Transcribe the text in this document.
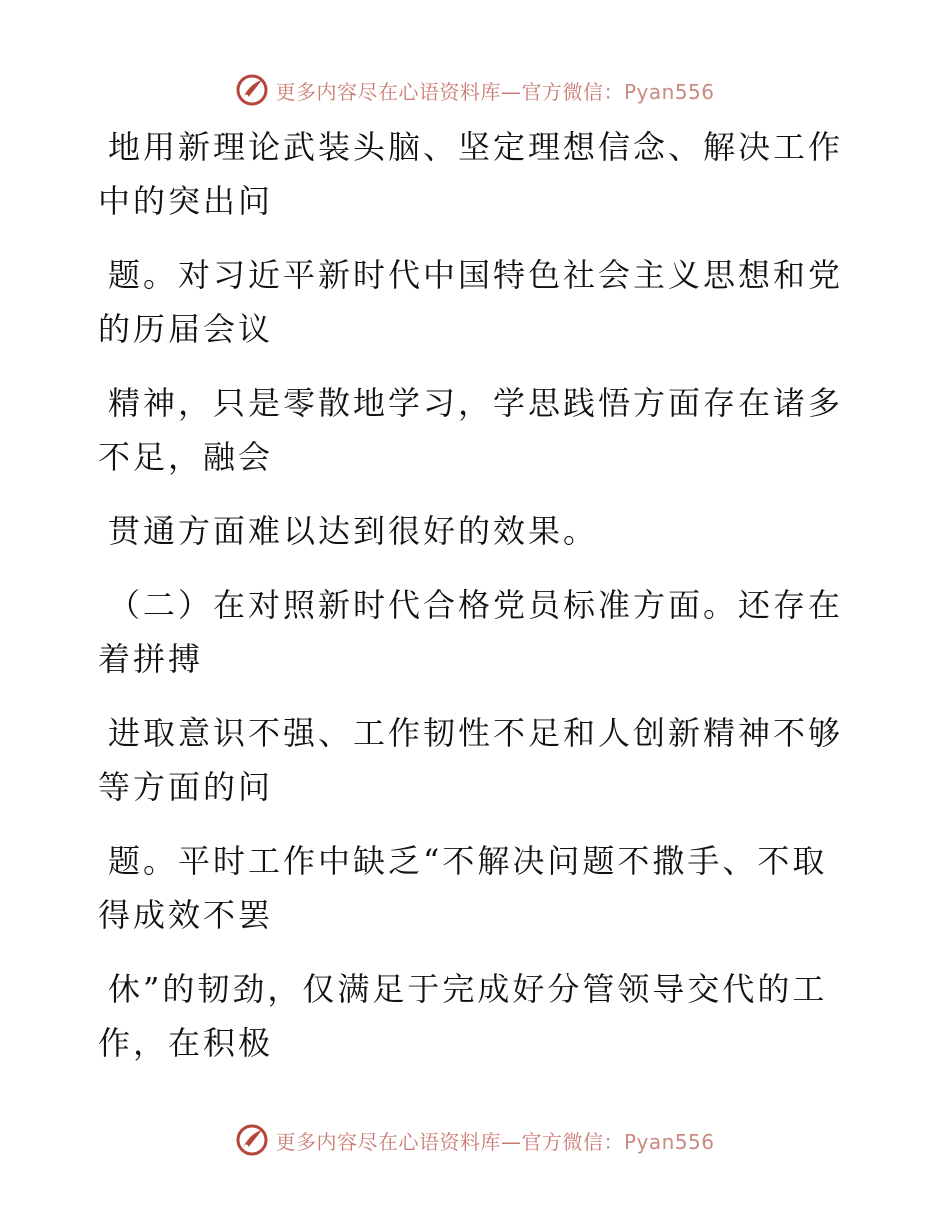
更多内容尽在心语资料库—官方微信：Pyan556

地用新理论武装头脑、坚定理想信念、解决工作
中的突出问

题。对习近平新时代中国特色社会主义思想和党
的历届会议

精神，只是零散地学习，学思践悟方面存在诸多
不足，融会

贯通方面难以达到很好的效果。

（二）在对照新时代合格党员标准方面。还存在
着拼搏

进取意识不强、工作韧性不足和人创新精神不够
等方面的问

题。平时工作中缺乏“不解决问题不撒手、不取
得成效不罢

休”的韧劲，仅满足于完成好分管领导交代的工
作，在积极

更多内容尽在心语资料库—官方微信：Pyan556
